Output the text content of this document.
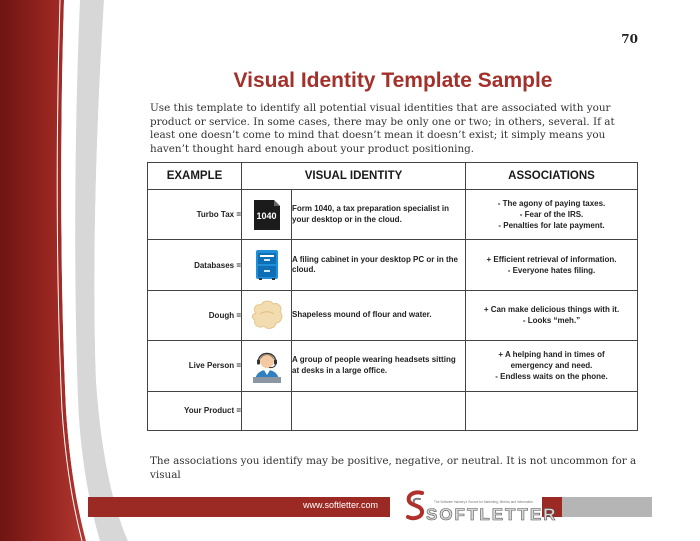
70
Visual Identity Template Sample

Use this template to identify all potential visual identities that are associated with your product or service. In some cases, there may be only one or two; in others, several. If at least one doesn’t come to mind that doesn’t mean it doesn’t exist; it simply means you haven’t thought hard enough about your product positioning.

EXAMPLE	VISUAL IDENTITY		ASSOCIATIONS
Turbo Tax =	1040	Form 1040, a tax preparation specialist in your desktop or in the cloud.	- The agony of paying taxes.
- Fear of the IRS.
- Penalties for late payment.

Databases =		A filing cabinet in your desktop PC or in the cloud.	+ Efficient retrieval of information.
- Everyone hates filing.

Dough =		Shapeless mound of flour and water.	+ Can make delicious things with it.
- Looks “meh.”

Live Person =		A group of people wearing headsets sitting at desks in a large office.	+ A helping hand in times of
emergency and need.
- Endless waits on the phone.

Your Product =			

The associations you identify may be positive, negative, or neutral. It is not uncommon for a visual

www.softletter.com	The Software Industry's Source for Marketing, Metrics and Information
SOFTLETTER
